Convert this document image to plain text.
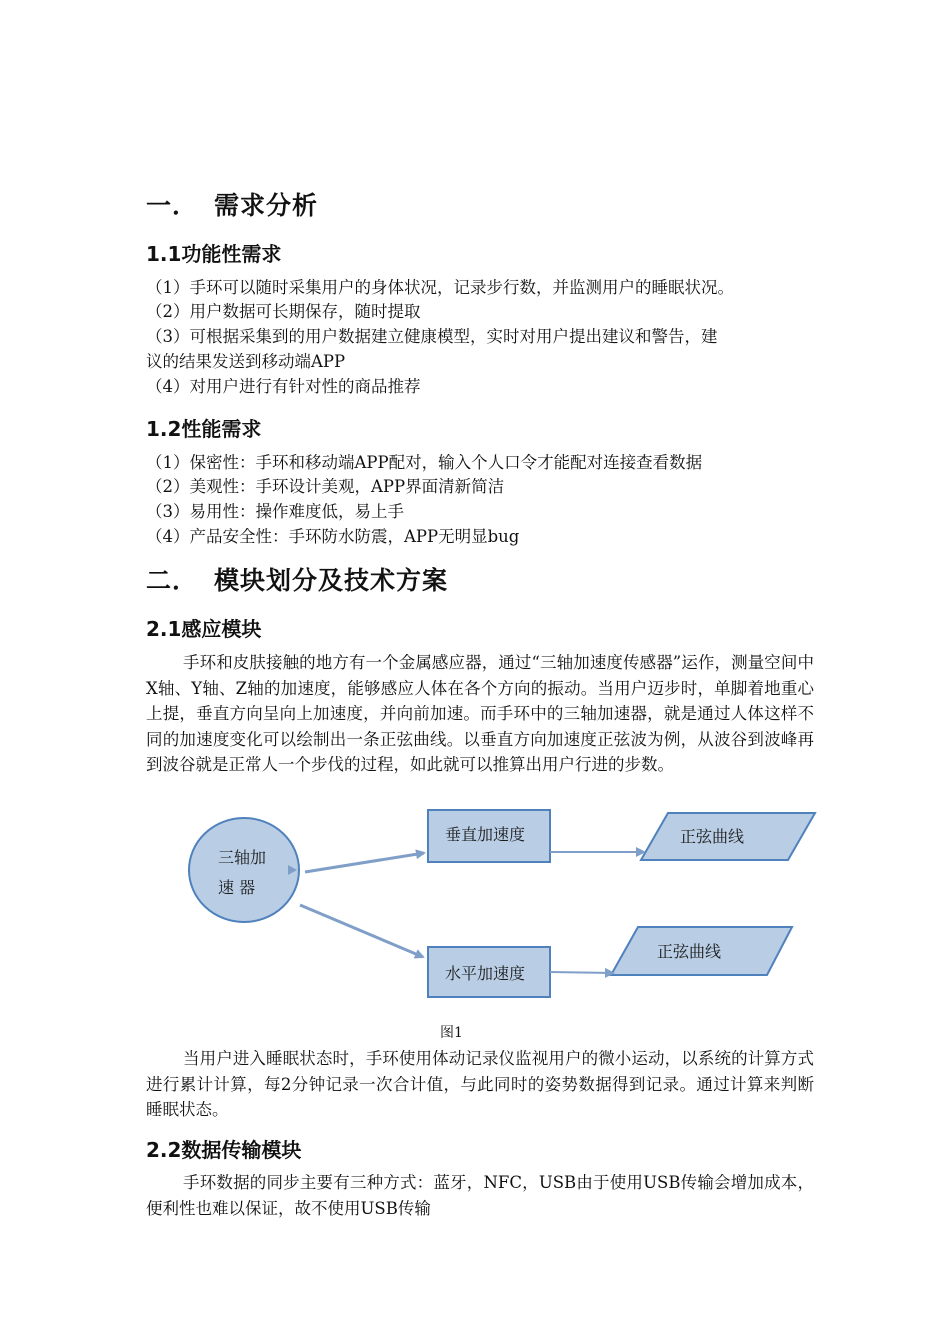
一． 需求分析
1.1功能性需求
（1）手环可以随时采集用户的身体状况，记录步行数，并监测用户的睡眠状况。
（2）用户数据可长期保存，随时提取
（3）可根据采集到的用户数据建立健康模型，实时对用户提出建议和警告，建
议的结果发送到移动端APP
（4）对用户进行有针对性的商品推荐
1.2性能需求
（1）保密性：手环和移动端APP配对，输入个人口令才能配对连接查看数据
（2）美观性：手环设计美观，APP界面清新简洁
（3）易用性：操作难度低，易上手
（4）产品安全性：手环防水防震，APP无明显bug
二． 模块划分及技术方案
2.1感应模块
手环和皮肤接触的地方有一个金属感应器，通过“三轴加速度传感器”运作，测量空间中X轴、Y轴、Z轴的加速度，能够感应人体在各个方向的振动。当用户迈步时，单脚着地重心上提，垂直方向呈向上加速度，并向前加速。而手环中的三轴加速器，就是通过人体这样不同的加速度变化可以绘制出一条正弦曲线。以垂直方向加速度正弦波为例，从波谷到波峰再到波谷就是正常人一个步伐的过程，如此就可以推算出用户行进的步数。
三轴加
速 器
垂直加速度
水平加速度
正弦曲线
正弦曲线
图1
当用户进入睡眠状态时，手环使用体动记录仪监视用户的微小运动，以系统的计算方式进行累计计算，每2分钟记录一次合计值，与此同时的姿势数据得到记录。通过计算来判断睡眠状态。
2.2数据传输模块
手环数据的同步主要有三种方式：蓝牙，NFC，USB由于使用USB传输会增加成本，便利性也难以保证，故不使用USB传输
